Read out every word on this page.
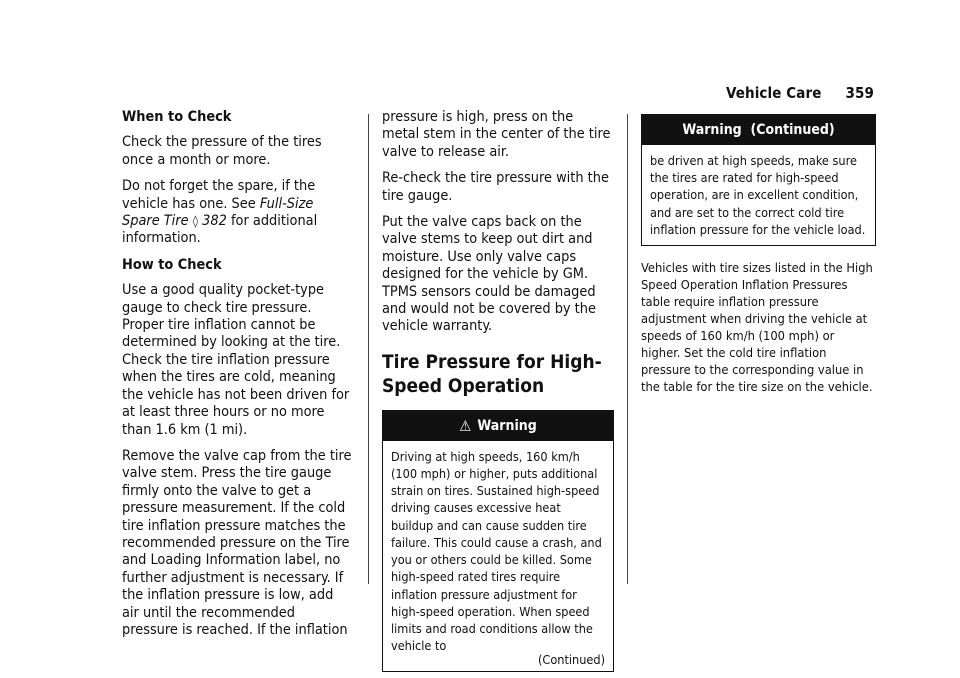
Vehicle Care 359

When to Check

Check the pressure of the tires once a month or more.

Do not forget the spare, if the vehicle has one. See Full-Size Spare Tire ◊ 382 for additional information.

How to Check

Use a good quality pocket-type gauge to check tire pressure. Proper tire inflation cannot be determined by looking at the tire. Check the tire inflation pressure when the tires are cold, meaning the vehicle has not been driven for at least three hours or no more than 1.6 km (1 mi).

Remove the valve cap from the tire valve stem. Press the tire gauge firmly onto the valve to get a pressure measurement. If the cold tire inflation pressure matches the recommended pressure on the Tire and Loading Information label, no further adjustment is necessary. If the inflation pressure is low, add air until the recommended pressure is reached. If the inflation

pressure is high, press on the metal stem in the center of the tire valve to release air.

Re-check the tire pressure with the tire gauge.

Put the valve caps back on the valve stems to keep out dirt and moisture. Use only valve caps designed for the vehicle by GM. TPMS sensors could be damaged and would not be covered by the vehicle warranty.

Tire Pressure for High-Speed Operation
⚠ Warning
Driving at high speeds, 160 km/h (100 mph) or higher, puts additional strain on tires. Sustained high-speed driving causes excessive heat buildup and can cause sudden tire failure. This could cause a crash, and you or others could be killed. Some high-speed rated tires require inflation pressure adjustment for high-speed operation. When speed limits and road conditions allow the vehicle to
(Continued)
Warning  (Continued)
be driven at high speeds, make sure the tires are rated for high-speed operation, are in excellent condition, and are set to the correct cold tire inflation pressure for the vehicle load.

Vehicles with tire sizes listed in the High Speed Operation Inflation Pressures table require inflation pressure adjustment when driving the vehicle at speeds of 160 km/h (100 mph) or higher. Set the cold tire inflation pressure to the corresponding value in the table for the tire size on the vehicle.
